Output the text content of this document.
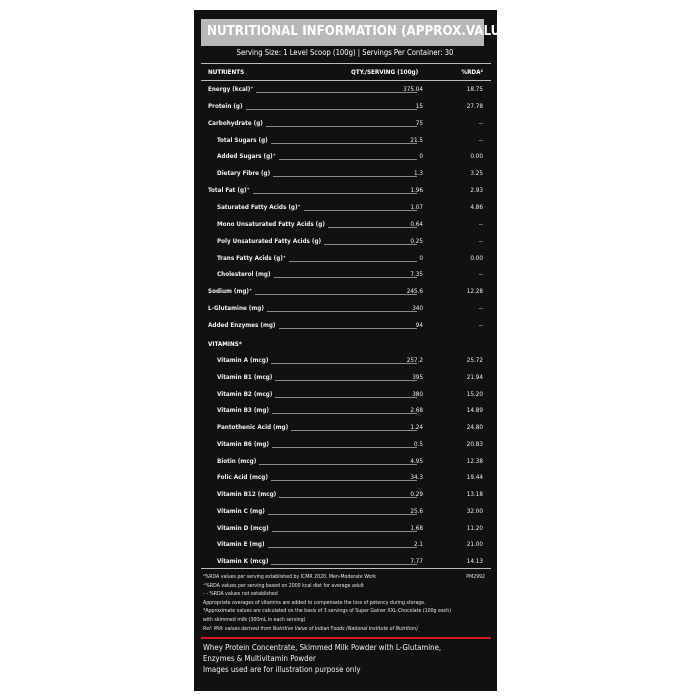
NUTRITIONAL INFORMATION (APPROX.VALUES):
Serving Size: 1 Level Scoop (100g) | Servings Per Container: 30
NUTRIENTS	QTY./SERVING (100g)	%RDA²
Energy (kcal)⁺	375.04	18.75
Protein (g)	15	27.78
Carbohydrate (g)	75	--
Total Sugars (g)	21.5	--
Added Sugars (g)⁺	0	0.00
Dietary Fibre (g)	1.3	3.25
Total Fat (g)⁺	1.96	2.93
Saturated Fatty Acids (g)⁺	1.07	4.86
Mono Unsaturated Fatty Acids (g)	0.64	--
Poly Unsaturated Fatty Acids (g)	0.25	--
Trans Fatty Acids (g)⁺	0	0.00
Cholesterol (mg)	7.35	--
Sodium (mg)⁺	245.6	12.28
L-Glutamine (mg)	340	--
Added Enzymes (mg)	94	--
VITAMINS*
Vitamin A (mcg)	257.2	25.72
Vitamin B1 (mcg)	395	21.94
Vitamin B2 (mcg)	380	15.20
Vitamin B3 (mg)	2.68	14.89
Pantothenic Acid (mg)	1.24	24.80
Vitamin B6 (mg)	0.5	20.83
Biotin (mcg)	4.95	12.38
Folic Acid (mcg)	34.3	19.44
Vitamin B12 (mcg)	0.29	13.18
Vitamin C (mg)	25.6	32.00
Vitamin D (mcg)	1.68	11.20
Vitamin E (mg)	2.1	21.00
Vitamin K (mcg)	7.77	14.13
²%RDA values per serving established by ICMR 2020, Men-Moderate Work
⁺%RDA values per serving based on 2000 kcal diet for average adult
- - %RDA values not established
Appropriate overages of vitamins are added to compensate the loss of potency during storage.
*Approximate values are calculated on the basis of 3 servings of Super Gainer XXL-Chocolate (100g each)
with skimmed milk (300mL in each serving)
Ref: Milk values derived from Nutritive Value of Indian Foods (National Institute of Nutrition)
PM2992
Whey Protein Concentrate, Skimmed Milk Powder with L-Glutamine,
Enzymes & Multivitamin Powder
Images used are for illustration purpose only
